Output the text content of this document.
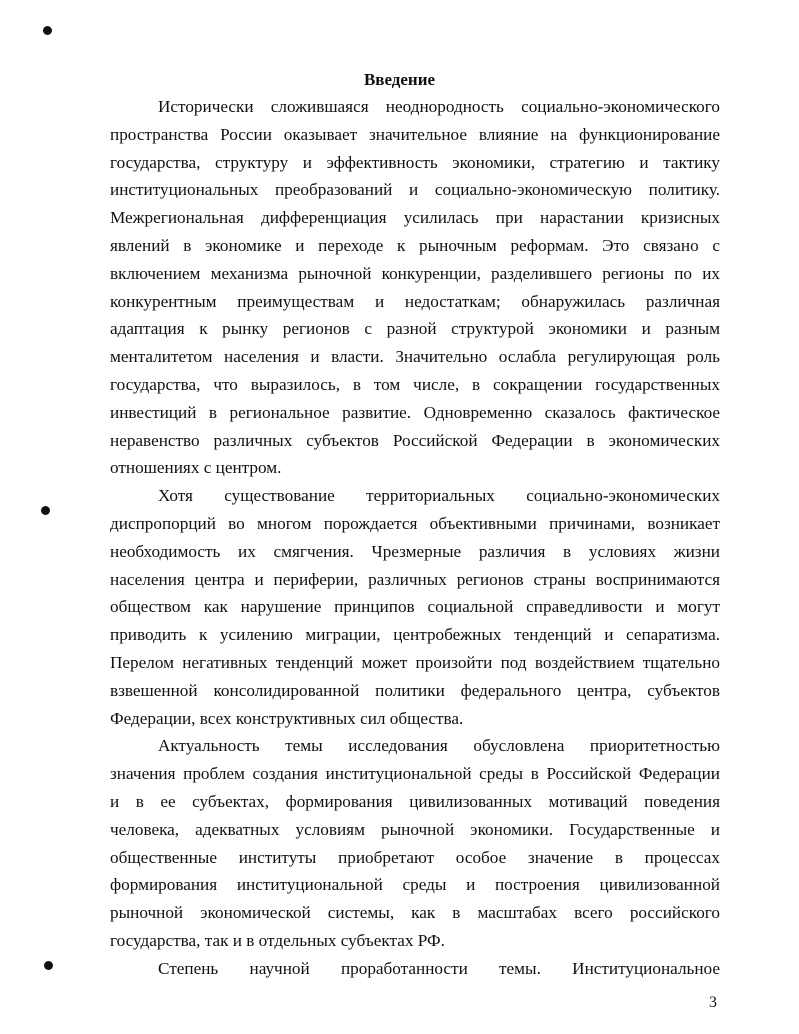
Введение
Исторически сложившаяся неоднородность социально-экономического
пространства России оказывает значительное влияние на функционирование
государства, структуру и эффективность экономики, стратегию и тактику
институциональных преобразований и социально-экономическую политику.
Межрегиональная дифференциация усилилась при нарастании кризисных
явлений в экономике и переходе к рыночным реформам. Это связано с
включением механизма рыночной конкуренции, разделившего регионы по их
конкурентным преимуществам и недостаткам; обнаружилась различная
адаптация к рынку регионов с разной структурой экономики и разным
менталитетом населения и власти. Значительно ослабла регулирующая роль
государства, что выразилось, в том числе, в сокращении государственных
инвестиций в региональное развитие. Одновременно сказалось фактическое
неравенство различных субъектов Российской Федерации в экономических
отношениях с центром.
Хотя существование территориальных социально-экономических
диспропорций во многом порождается объективными причинами, возникает
необходимость их смягчения. Чрезмерные различия в условиях жизни
населения центра и периферии, различных регионов страны воспринимаются
обществом как нарушение принципов социальной справедливости и могут
приводить к усилению миграции, центробежных тенденций и сепаратизма.
Перелом негативных тенденций может произойти под воздействием тщательно
взвешенной консолидированной политики федерального центра, субъектов
Федерации, всех конструктивных сил общества.
Актуальность темы исследования обусловлена приоритетностью
значения проблем создания институциональной среды в Российской Федерации
и в ее субъектах, формирования цивилизованных мотиваций поведения
человека, адекватных условиям рыночной экономики. Государственные и
общественные институты приобретают особое значение в процессах
формирования институциональной среды и построения цивилизованной
рыночной экономической системы, как в масштабах всего российского
государства, так и в отдельных субъектах РФ.
Степень научной проработанности темы. Институциональное
3
